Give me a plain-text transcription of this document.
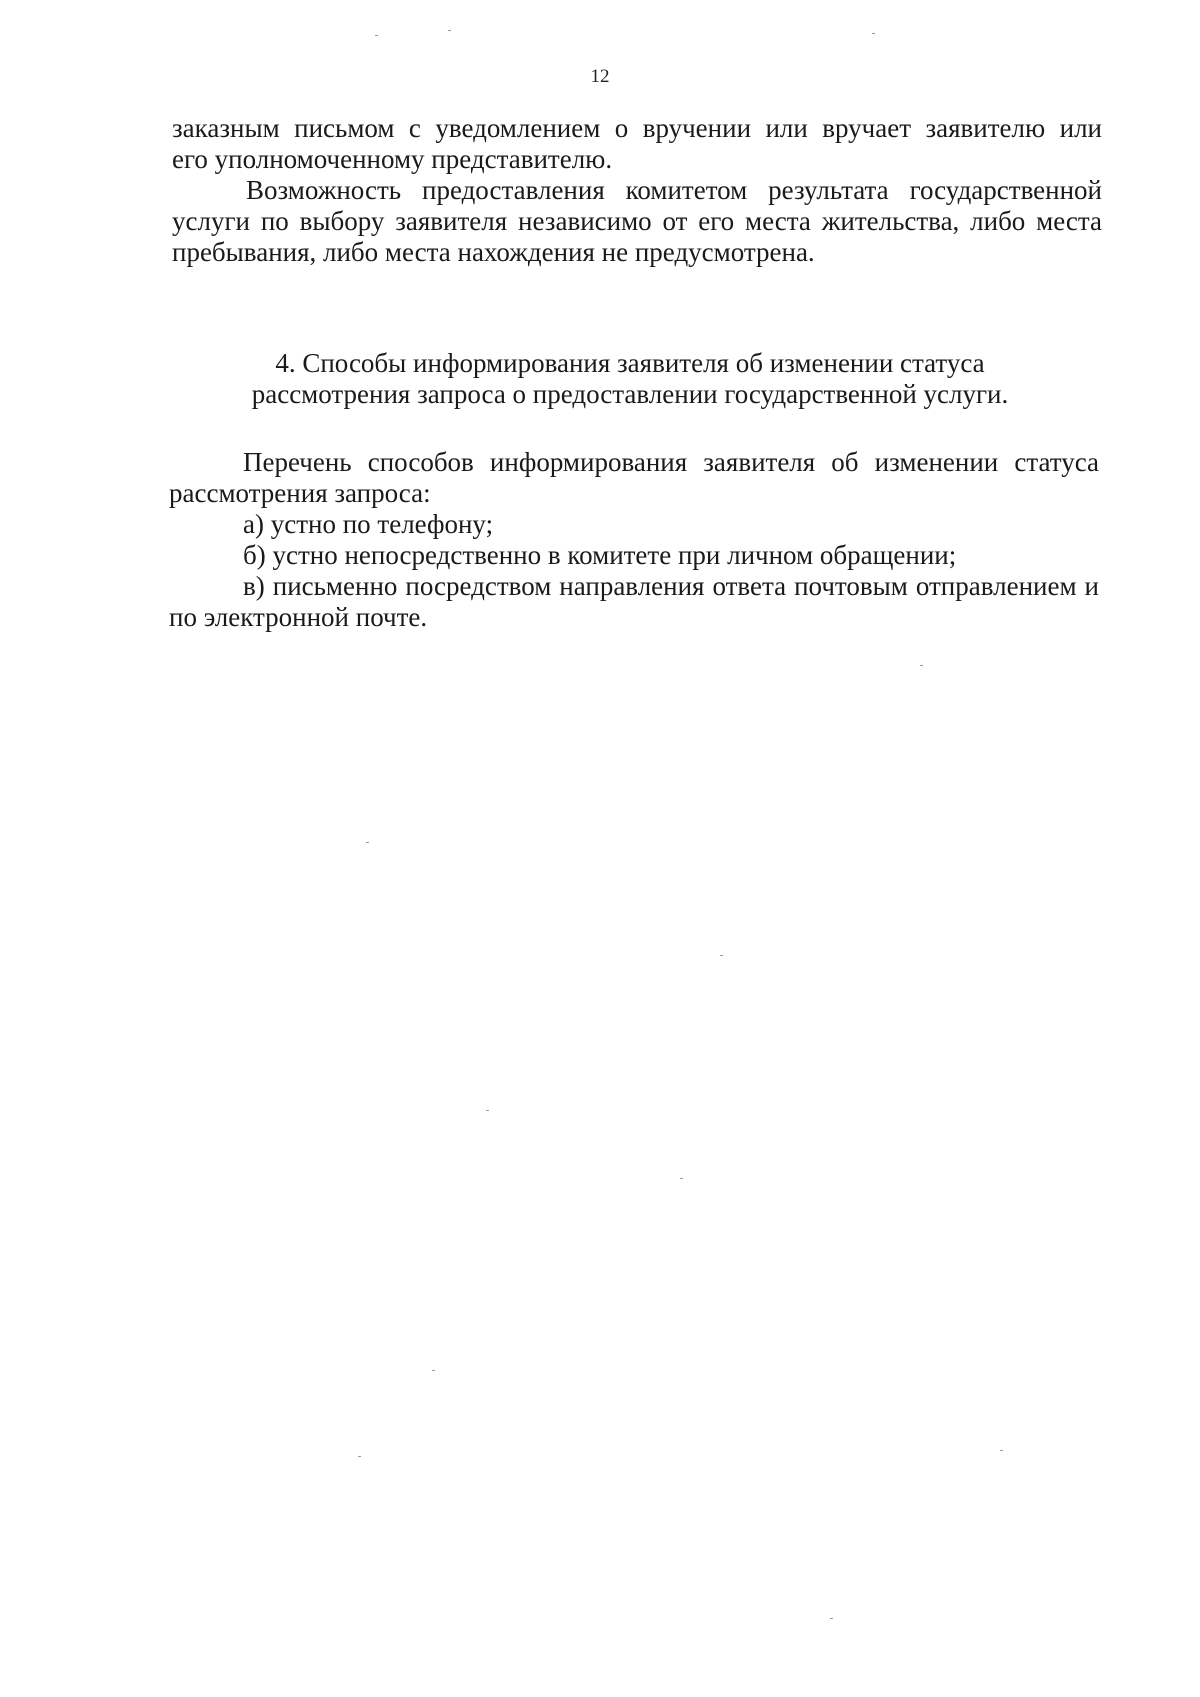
12

заказным письмом с уведомлением о вручении или вручает заявителю или

его уполномоченному представителю.

Возможность предоставления комитетом результата государственной услуги по выбору заявителя независимо от его места жительства, либо места пребывания, либо места нахождения не предусмотрена.

4. Способы информирования заявителя об изменении статуса

рассмотрения запроса о предоставлении государственной услуги.

Перечень способов информирования заявителя об изменении статуса рассмотрения запроса:

а) устно по телефону;

б) устно непосредственно в комитете при личном обращении;

в) письменно посредством направления ответа почтовым отправлением и по электронной почте.
